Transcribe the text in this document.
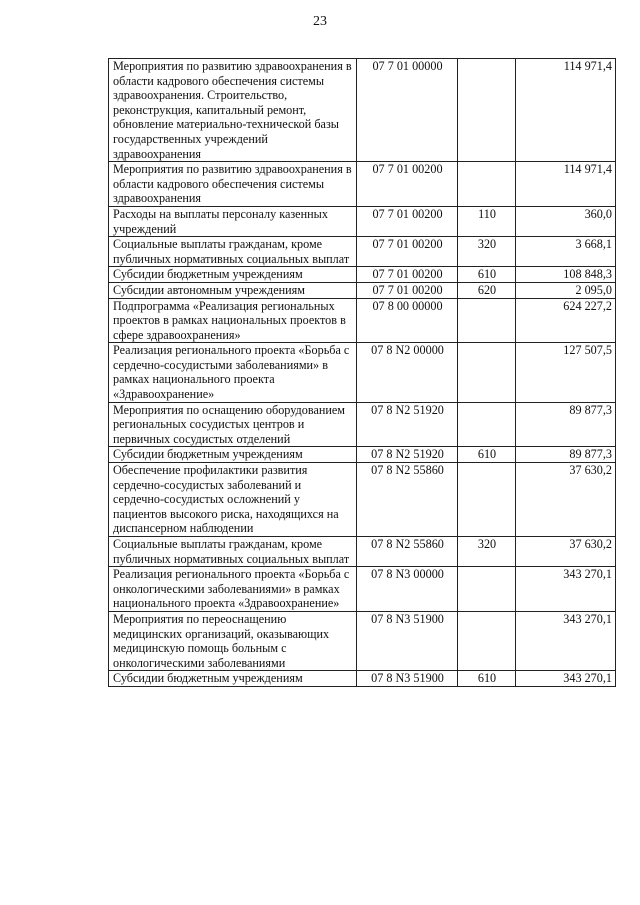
23
Мероприятия по развитию здравоохранения в области кадрового обеспечения системы здравоохранения. Строительство, реконструкция, капитальный ремонт, обновление материально-технической базы государственных учреждений здравоохранения	07 7 01 00000		114 971,4
Мероприятия по развитию здравоохранения в области кадрового обеспечения системы здравоохранения	07 7 01 00200		114 971,4
Расходы на выплаты персоналу казенных учреждений	07 7 01 00200	110	360,0
Социальные выплаты гражданам, кроме публичных нормативных социальных выплат	07 7 01 00200	320	3 668,1
Субсидии бюджетным учреждениям	07 7 01 00200	610	108 848,3
Субсидии автономным учреждениям	07 7 01 00200	620	2 095,0
Подпрограмма «Реализация региональных проектов в рамках национальных проектов в сфере здравоохранения»	07 8 00 00000		624 227,2
Реализация регионального проекта «Борьба с сердечно-сосудистыми заболеваниями» в рамках национального проекта «Здравоохранение»	07 8 N2 00000		127 507,5
Мероприятия по оснащению оборудованием региональных сосудистых центров и первичных сосудистых отделений	07 8 N2 51920		89 877,3
Субсидии бюджетным учреждениям	07 8 N2 51920	610	89 877,3
Обеспечение профилактики развития сердечно-сосудистых заболеваний и сердечно-сосудистых осложнений у пациентов высокого риска, находящихся на диспансерном наблюдении	07 8 N2 55860		37 630,2
Социальные выплаты гражданам, кроме публичных нормативных социальных выплат	07 8 N2 55860	320	37 630,2
Реализация регионального проекта «Борьба с онкологическими заболеваниями» в рамках национального проекта «Здравоохранение»	07 8 N3 00000		343 270,1
Мероприятия по переоснащению медицинских организаций, оказывающих медицинскую помощь больным с онкологическими заболеваниями	07 8 N3 51900		343 270,1
Субсидии бюджетным учреждениям	07 8 N3 51900	610	343 270,1
